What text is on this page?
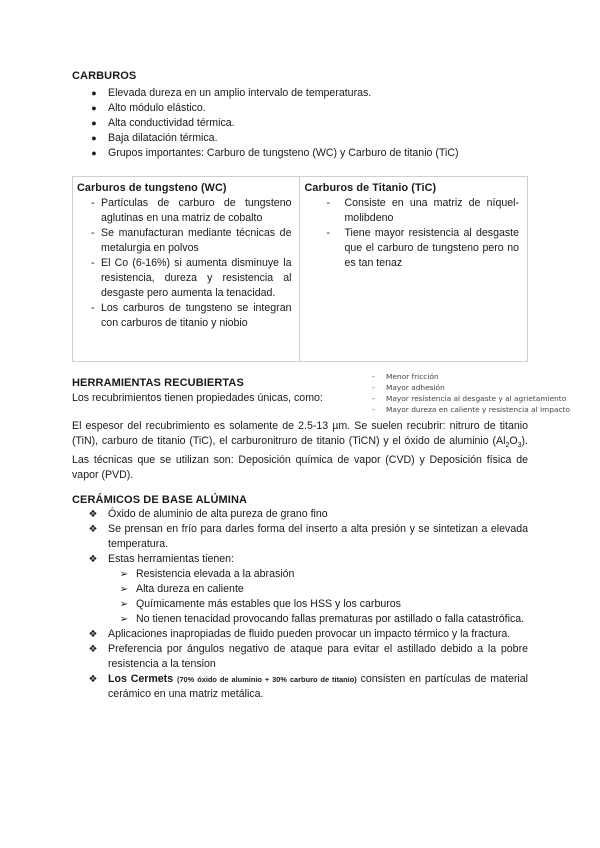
CARBUROS
● Elevada dureza en un amplio intervalo de temperaturas.
● Alto módulo elástico.
● Alta conductividad térmica.
● Baja dilatación térmica.
● Grupos importantes: Carburo de tungsteno (WC) y Carburo de titanio (TiC)
Carburos de tungsteno (WC)
- Partículas de carburo de tungsteno aglutinas en una matriz de cobalto
- Se manufacturan mediante técnicas de metalurgia en polvos
- El Co (6-16%) si aumenta disminuye la resistencia, dureza y resistencia al desgaste pero aumenta la tenacidad.
- Los carburos de tungsteno se integran con carburos de titanio y niobio

Carburos de Titanio (TiC)
-	Consiste en una matriz de níquel-molibdeno
-	Tiene mayor resistencia al desgaste que el carburo de tungsteno pero no es tan tenaz
HERRAMIENTAS RECUBIERTAS
Los recubrimientos tienen propiedades únicas, como:
- Menor fricción
- Mayor adhesión
- Mayor resistencia al desgaste y al agrietamiento
- Mayor dureza en caliente y resistencia al impacto
El espesor del recubrimiento es solamente de 2.5-13 µm. Se suelen recubrir: nitruro de titanio (TiN), carburo de titanio (TiC), el carburonitruro de titanio (TiCN) y el óxido de aluminio $(Al_2O_3)$. Las técnicas que se utilizan son: Deposición química de vapor (CVD) y Deposición física de vapor (PVD).
CERÁMICOS DE BASE ALÚMINA
❖ Óxido de aluminio de alta pureza de grano fino
❖ Se prensan en frío para darles forma del inserto a alta presión y se sintetizan a elevada temperatura.
❖ Estas herramientas tienen:
➢ Resistencia elevada a la abrasión
➢ Alta dureza en caliente
➢ Químicamente más estables que los HSS y los carburos
➢ No tienen tenacidad provocando fallas prematuras por astillado o falla catastrófica.
❖ Aplicaciones inapropiadas de fluido pueden provocar un impacto térmico y la fractura.
❖ Preferencia por ángulos negativo de ataque para evitar el astillado debido a la pobre resistencia a la tension
❖ Los Cermets (70% óxido de aluminio + 30% carburo de titanio) consisten en partículas de material cerámico en una matriz metálica.
